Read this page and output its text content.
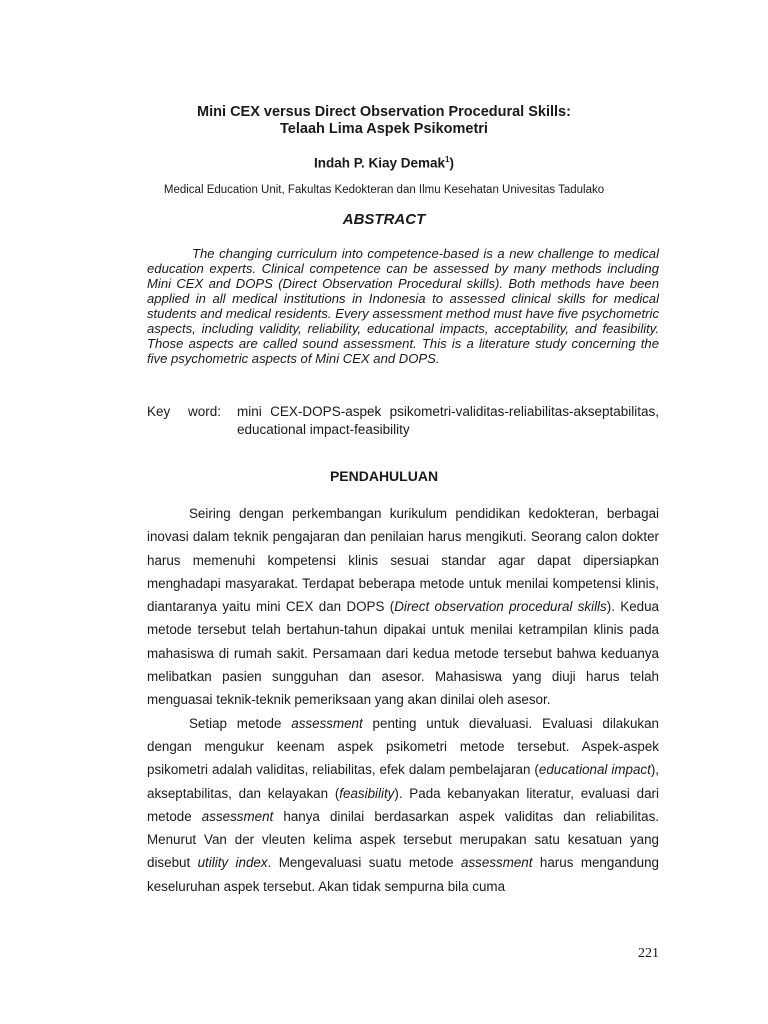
Mini CEX versus Direct Observation Procedural Skills:
Telaah Lima Aspek Psikometri
Indah P. Kiay Demak$^1$)
Medical Education Unit, Fakultas Kedokteran dan Ilmu Kesehatan Univesitas Tadulako
ABSTRACT
The changing curriculum into competence-based is a new challenge to medical education experts. Clinical competence can be assessed by many methods including Mini CEX and DOPS (Direct Observation Procedural skills). Both methods have been applied in all medical institutions in Indonesia to assessed clinical skills for medical students and medical residents. Every assessment method must have five psychometric aspects, including validity, reliability, educational impacts, acceptability, and feasibility. Those aspects are called sound assessment. This is a literature study concerning the five psychometric aspects of Mini CEX and DOPS.
Key word: mini CEX-DOPS-aspek psikometri-validitas-reliabilitas-akseptabilitas, educational impact-feasibility
PENDAHULUAN

Seiring dengan perkembangan kurikulum pendidikan kedokteran, berbagai inovasi dalam teknik pengajaran dan penilaian harus mengikuti. Seorang calon dokter harus memenuhi kompetensi klinis sesuai standar agar dapat dipersiapkan menghadapi masyarakat. Terdapat beberapa metode untuk menilai kompetensi klinis, diantaranya yaitu mini CEX dan DOPS (Direct observation procedural skills). Kedua metode tersebut telah bertahun-tahun dipakai untuk menilai ketrampilan klinis pada mahasiswa di rumah sakit. Persamaan dari kedua metode tersebut bahwa keduanya melibatkan pasien sungguhan dan asesor. Mahasiswa yang diuji harus telah menguasai teknik-teknik pemeriksaan yang akan dinilai oleh asesor.

Setiap metode assessment penting untuk dievaluasi. Evaluasi dilakukan dengan mengukur keenam aspek psikometri metode tersebut. Aspek-aspek psikometri adalah validitas, reliabilitas, efek dalam pembelajaran (educational impact), akseptabilitas, dan kelayakan (feasibility). Pada kebanyakan literatur, evaluasi dari metode assessment hanya dinilai berdasarkan aspek validitas dan reliabilitas. Menurut Van der vleuten kelima aspek tersebut merupakan satu kesatuan yang disebut utility index. Mengevaluasi suatu metode assessment harus mengandung keseluruhan aspek tersebut. Akan tidak sempurna bila cuma

221
